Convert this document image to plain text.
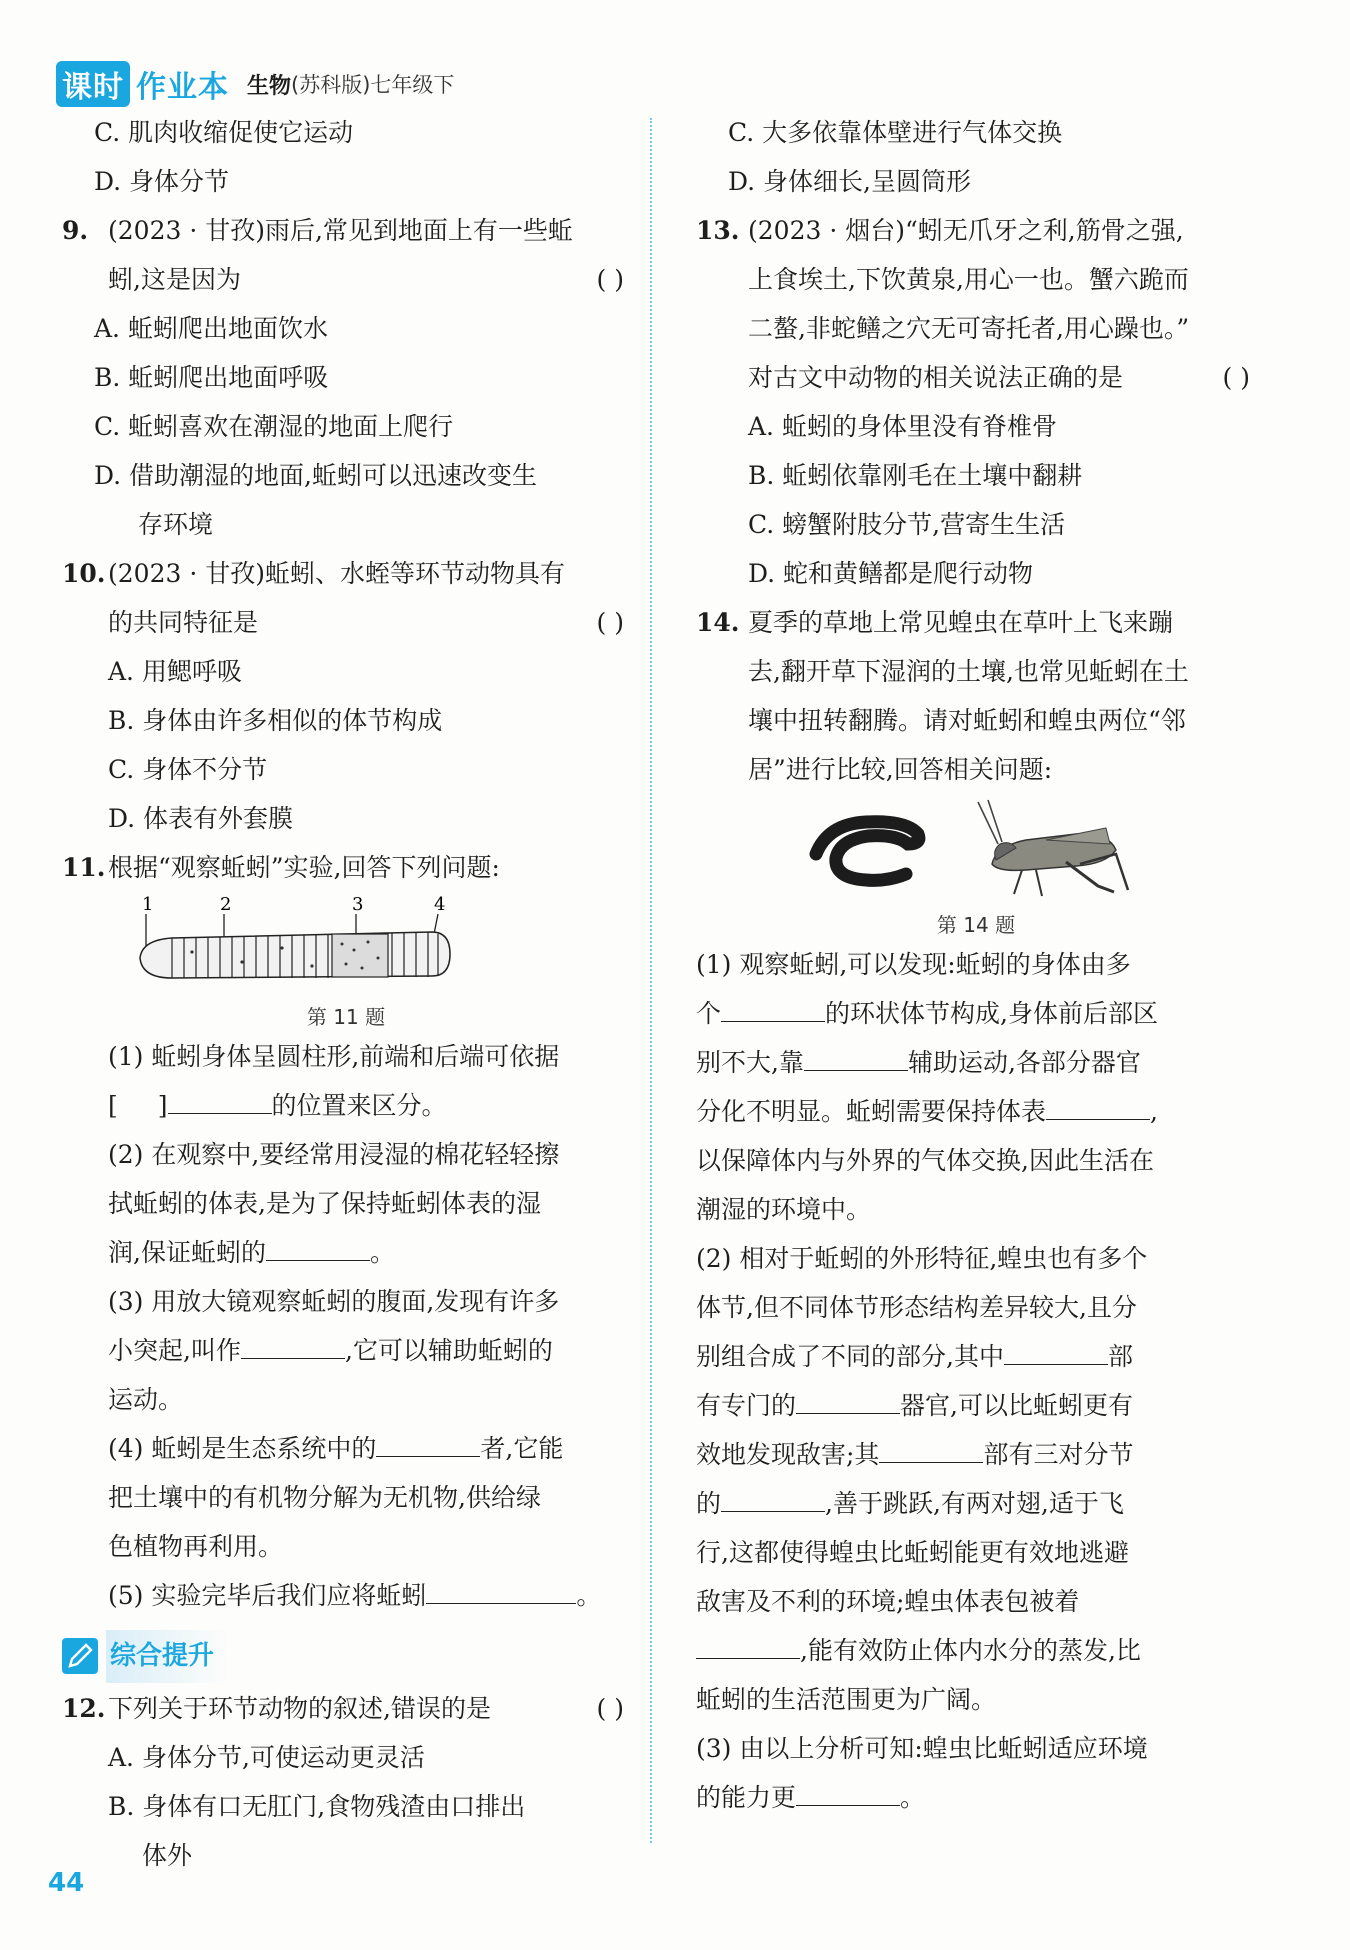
课时 作业本 生物 (苏科版) 七年级下
C. 肌肉收缩促使它运动
D. 身体分节
9. (2023 · 甘孜)雨后,常见到地面上有一些蚯
蚓,这是因为	( )
A. 蚯蚓爬出地面饮水
B. 蚯蚓爬出地面呼吸
C. 蚯蚓喜欢在潮湿的地面上爬行
D. 借助潮湿的地面,蚯蚓可以迅速改变生
存环境
10. (2023 · 甘孜)蚯蚓、水蛭等环节动物具有
的共同特征是	( )
A. 用鳃呼吸
B. 身体由许多相似的体节构成
C. 身体不分节
D. 体表有外套膜
11. 根据“观察蚯蚓”实验,回答下列问题:
1	2	3	4
第 11 题
(1) 蚯蚓身体呈圆柱形,前端和后端可依据
[ ]	的位置来区分。
(2) 在观察中,要经常用浸湿的棉花轻轻擦
拭蚯蚓的体表,是为了保持蚯蚓体表的湿
润,保证蚯蚓的	。
(3) 用放大镜观察蚯蚓的腹面,发现有许多
小突起,叫作	,它可以辅助蚯蚓的
运动。
(4) 蚯蚓是生态系统中的	者,它能
把土壤中的有机物分解为无机物,供给绿
色植物再利用。
(5) 实验完毕后我们应将蚯蚓	。
综合提升
12. 下列关于环节动物的叙述,错误的是	( )
A. 身体分节,可使运动更灵活
B. 身体有口无肛门,食物残渣由口排出
体外
C. 大多依靠体壁进行气体交换
D. 身体细长,呈圆筒形
13. (2023 · 烟台)“蚓无爪牙之利,筋骨之强,
上食埃土,下饮黄泉,用心一也。蟹六跪而
二螯,非蛇鳝之穴无可寄托者,用心躁也。”
对古文中动物的相关说法正确的是	( )
A. 蚯蚓的身体里没有脊椎骨
B. 蚯蚓依靠刚毛在土壤中翻耕
C. 螃蟹附肢分节,营寄生生活
D. 蛇和黄鳝都是爬行动物
14. 夏季的草地上常见蝗虫在草叶上飞来蹦
去,翻开草下湿润的土壤,也常见蚯蚓在土
壤中扭转翻腾。请对蚯蚓和蝗虫两位“邻
居”进行比较,回答相关问题:
第 14 题
(1) 观察蚯蚓,可以发现:蚯蚓的身体由多
个	的环状体节构成,身体前后部区
别不大,靠	辅助运动,各部分器官
分化不明显。蚯蚓需要保持体表	,
以保障体内与外界的气体交换,因此生活在
潮湿的环境中。
(2) 相对于蚯蚓的外形特征,蝗虫也有多个
体节,但不同体节形态结构差异较大,且分
别组合成了不同的部分,其中	部
有专门的	器官,可以比蚯蚓更有
效地发现敌害;其	部有三对分节
的	,善于跳跃,有两对翅,适于飞
行,这都使得蝗虫比蚯蚓能更有效地逃避
敌害及不利的环境;蝗虫体表包被着
,能有效防止体内水分的蒸发,比
蚯蚓的生活范围更为广阔。
(3) 由以上分析可知:蝗虫比蚯蚓适应环境
的能力更	。
44
